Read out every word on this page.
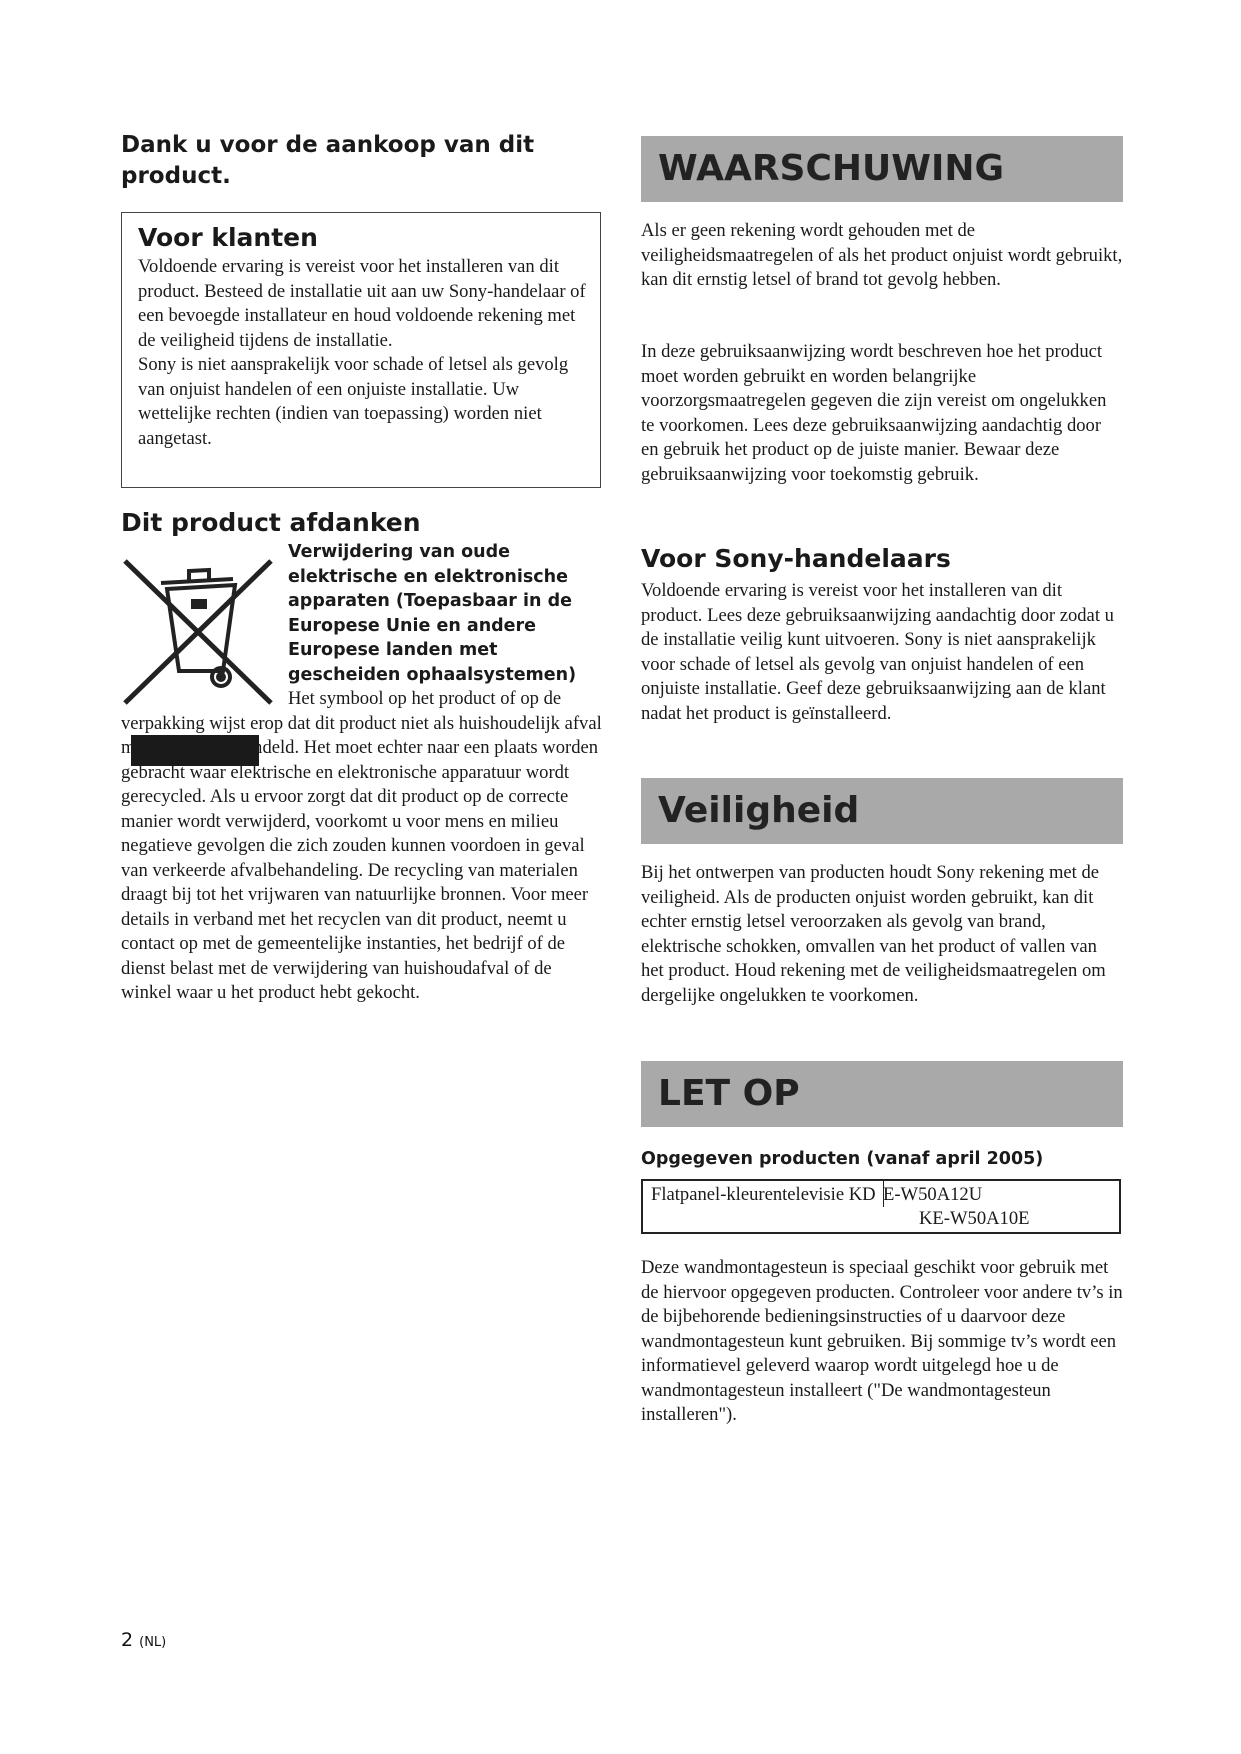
Dank u voor de aankoop van dit product.
Voor klanten

Voldoende ervaring is vereist voor het installeren van dit product. Besteed de installatie uit aan uw Sony-handelaar of een bevoegde installateur en houd voldoende rekening met de veiligheid tijdens de installatie.

Sony is niet aansprakelijk voor schade of letsel als gevolg van onjuist handelen of een onjuiste installatie. Uw wettelijke rechten (indien van toepassing) worden niet aangetast.

Dit product afdanken

Verwijdering van oude elektrische en elektronische apparaten (Toepasbaar in de Europese Unie en andere Europese landen met gescheiden ophaalsystemen)

Het symbool op het product of op de verpakking wijst erop dat dit product niet als huishoudelijk afval mag worden behandeld. Het moet echter naar een plaats worden gebracht waar elektrische en elektronische apparatuur wordt gerecycled. Als u ervoor zorgt dat dit product op de correcte manier wordt verwijderd, voorkomt u voor mens en milieu negatieve gevolgen die zich zouden kunnen voordoen in geval van verkeerde afvalbehandeling. De recycling van materialen draagt bij tot het vrijwaren van natuurlijke bronnen. Voor meer details in verband met het recyclen van dit product, neemt u contact op met de gemeentelijke instanties, het bedrijf of de dienst belast met de verwijdering van huishoudafval of de winkel waar u het product hebt gekocht.

WAARSCHUWING

Als er geen rekening wordt gehouden met de veiligheidsmaatregelen of als het product onjuist wordt gebruikt, kan dit ernstig letsel of brand tot gevolg hebben.

In deze gebruiksaanwijzing wordt beschreven hoe het product moet worden gebruikt en worden belangrijke voorzorgsmaatregelen gegeven die zijn vereist om ongelukken te voorkomen. Lees deze gebruiksaanwijzing aandachtig door en gebruik het product op de juiste manier. Bewaar deze gebruiksaanwijzing voor toekomstig gebruik.

Voor Sony-handelaars

Voldoende ervaring is vereist voor het installeren van dit product. Lees deze gebruiksaanwijzing aandachtig door zodat u de installatie veilig kunt uitvoeren. Sony is niet aansprakelijk voor schade of letsel als gevolg van onjuist handelen of een onjuiste installatie. Geef deze gebruiksaanwijzing aan de klant nadat het product is geïnstalleerd.

Veiligheid

Bij het ontwerpen van producten houdt Sony rekening met de veiligheid. Als de producten onjuist worden gebruikt, kan dit echter ernstig letsel veroorzaken als gevolg van brand, elektrische schokken, omvallen van het product of vallen van het product. Houd rekening met de veiligheidsmaatregelen om dergelijke ongelukken te voorkomen.

LET OP

Opgegeven producten (vanaf april 2005)

Flatpanel-kleurentelevisie KD E-W50A12U
KE-W50A10E

Deze wandmontagesteun is speciaal geschikt voor gebruik met de hiervoor opgegeven producten. Controleer voor andere tv’s in de bijbehorende bedieningsinstructies of u daarvoor deze wandmontagesteun kunt gebruiken. Bij sommige tv’s wordt een informatievel geleverd waarop wordt uitgelegd hoe u de wandmontagesteun installeert ("De wandmontagesteun installeren").

2 (NL)
